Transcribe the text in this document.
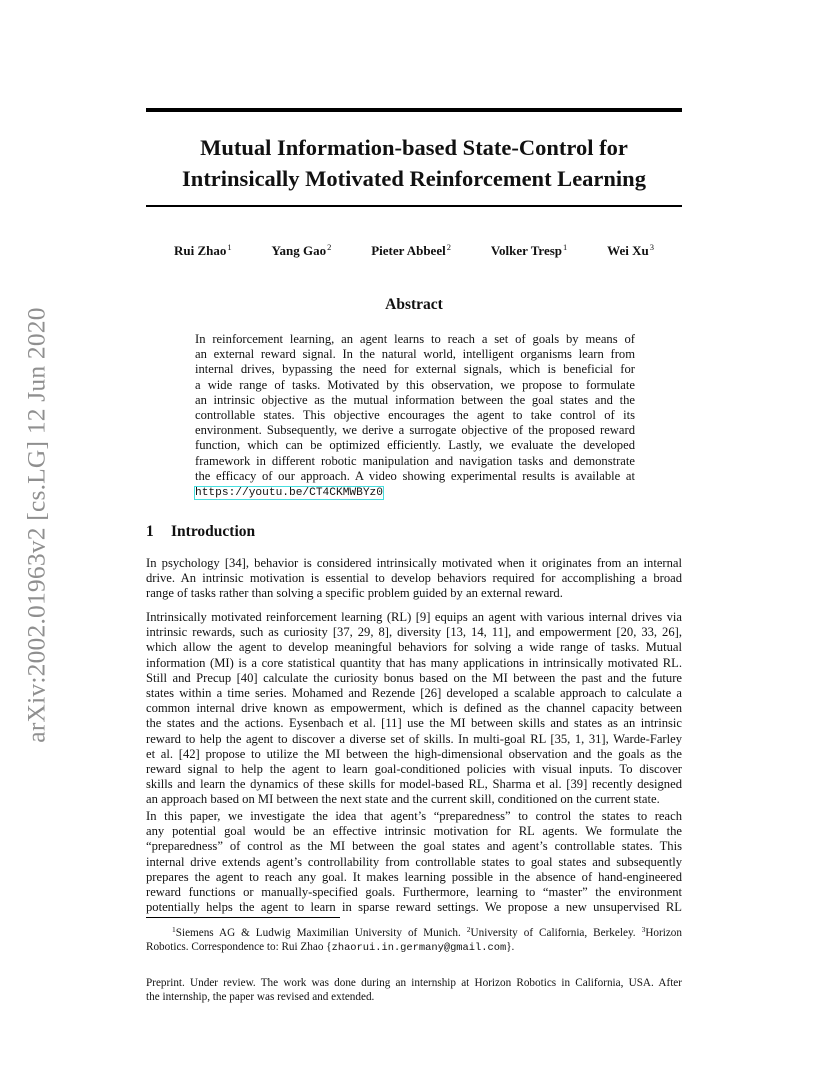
arXiv:2002.01963v2 [cs.LG] 12 Jun 2020
Mutual Information-based State-Control for
Intrinsically Motivated Reinforcement Learning
Rui Zhao$^1$	Yang Gao$^2$	Pieter Abbeel$^2$	Volker Tresp$^1$	Wei Xu$^3$
Abstract
In reinforcement learning, an agent learns to reach a set of goals by means of
an external reward signal. In the natural world, intelligent organisms learn from
internal drives, bypassing the need for external signals, which is beneficial for
a wide range of tasks. Motivated by this observation, we propose to formulate
an intrinsic objective as the mutual information between the goal states and the
controllable states. This objective encourages the agent to take control of its
environment. Subsequently, we derive a surrogate objective of the proposed reward
function, which can be optimized efficiently. Lastly, we evaluate the developed
framework in different robotic manipulation and navigation tasks and demonstrate
the efficacy of our approach. A video showing experimental results is available at
https://youtu.be/CT4CKMWBYz0
1 Introduction
In psychology [34], behavior is considered intrinsically motivated when it originates from an internal
drive. An intrinsic motivation is essential to develop behaviors required for accomplishing a broad
range of tasks rather than solving a specific problem guided by an external reward.
Intrinsically motivated reinforcement learning (RL) [9] equips an agent with various internal drives via
intrinsic rewards, such as curiosity [37, 29, 8], diversity [13, 14, 11], and empowerment [20, 33, 26],
which allow the agent to develop meaningful behaviors for solving a wide range of tasks. Mutual
information (MI) is a core statistical quantity that has many applications in intrinsically motivated RL.
Still and Precup [40] calculate the curiosity bonus based on the MI between the past and the future
states within a time series. Mohamed and Rezende [26] developed a scalable approach to calculate a
common internal drive known as empowerment, which is defined as the channel capacity between
the states and the actions. Eysenbach et al. [11] use the MI between skills and states as an intrinsic
reward to help the agent to discover a diverse set of skills. In multi-goal RL [35, 1, 31], Warde-Farley
et al. [42] propose to utilize the MI between the high-dimensional observation and the goals as the
reward signal to help the agent to learn goal-conditioned policies with visual inputs. To discover
skills and learn the dynamics of these skills for model-based RL, Sharma et al. [39] recently designed
an approach based on MI between the next state and the current skill, conditioned on the current state.
In this paper, we investigate the idea that agent’s “preparedness” to control the states to reach
any potential goal would be an effective intrinsic motivation for RL agents. We formulate the
“preparedness” of control as the MI between the goal states and agent’s controllable states. This
internal drive extends agent’s controllability from controllable states to goal states and subsequently
prepares the agent to reach any goal. It makes learning possible in the absence of hand-engineered
reward functions or manually-specified goals. Furthermore, learning to “master” the environment
potentially helps the agent to learn in sparse reward settings. We propose a new unsupervised RL
$^1$Siemens AG & Ludwig Maximilian University of Munich. $^2$University of California, Berkeley. $^3$Horizon
Robotics. Correspondence to: Rui Zhao {zhaorui.in.germany@gmail.com}.
Preprint. Under review. The work was done during an internship at Horizon Robotics in California, USA. After
the internship, the paper was revised and extended.
